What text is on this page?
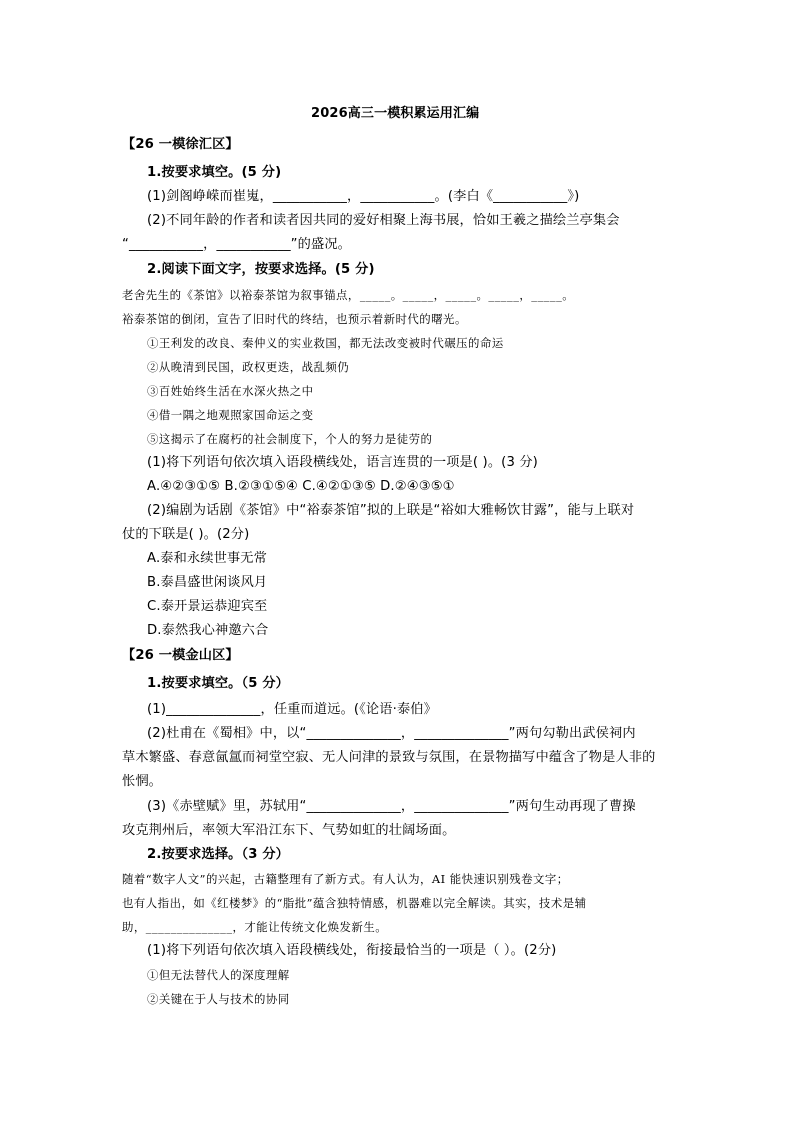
2026高三一模积累运用汇编
【26 一模徐汇区】
1.按要求填空。(5 分)
(1)剑阁峥嵘而崔嵬，___________，___________。(李白《___________》)
(2)不同年龄的作者和读者因共同的爱好相聚上海书展，恰如王羲之描绘兰亭集会
“___________，___________”的盛况。
2.阅读下面文字，按要求选择。(5 分)
老舍先生的《茶馆》以裕泰茶馆为叙事锚点，_____。_____，_____。_____，_____。
裕泰茶馆的倒闭，宣告了旧时代的终结，也预示着新时代的曙光。
①王利发的改良、秦仲义的实业救国，都无法改变被时代碾压的命运
②从晚清到民国，政权更迭，战乱频仍
③百姓始终生活在水深火热之中
④借一隅之地观照家国命运之变
⑤这揭示了在腐朽的社会制度下，个人的努力是徒劳的
(1)将下列语句依次填入语段横线处，语言连贯的一项是( )。(3 分)
A.④②③①⑤ B.②③①⑤④ C.④②①③⑤ D.②④③⑤①
(2)编剧为话剧《茶馆》中“裕泰茶馆”拟的上联是“裕如大雅畅饮甘露”，能与上联对
仗的下联是( )。(2分)
A.泰和永续世事无常
B.泰昌盛世闲谈风月
C.泰开景运恭迎宾至
D.泰然我心神邀六合
【26 一模金山区】
1.按要求填空。（5 分）
(1)______________，任重而道远。(《论语·泰伯》
(2)杜甫在《蜀相》中，以“______________，______________”两句勾勒出武侯祠内
草木繁盛、春意氤氲而祠堂空寂、无人问津的景致与氛围，在景物描写中蕴含了物是人非的
怅惘。
(3)《赤壁赋》里，苏轼用“______________，______________”两句生动再现了曹操
攻克荆州后，率领大军沿江东下、气势如虹的壮阔场面。
2.按要求选择。（3 分）
随着“数字人文”的兴起，古籍整理有了新方式。有人认为，AI 能快速识别残卷文字；
也有人指出，如《红楼梦》的“脂批”蕴含独特情感，机器难以完全解读。其实，技术是辅
助，______________，才能让传统文化焕发新生。
(1)将下列语句依次填入语段横线处，衔接最恰当的一项是（ ）。(2分)
①但无法替代人的深度理解
②关键在于人与技术的协同
